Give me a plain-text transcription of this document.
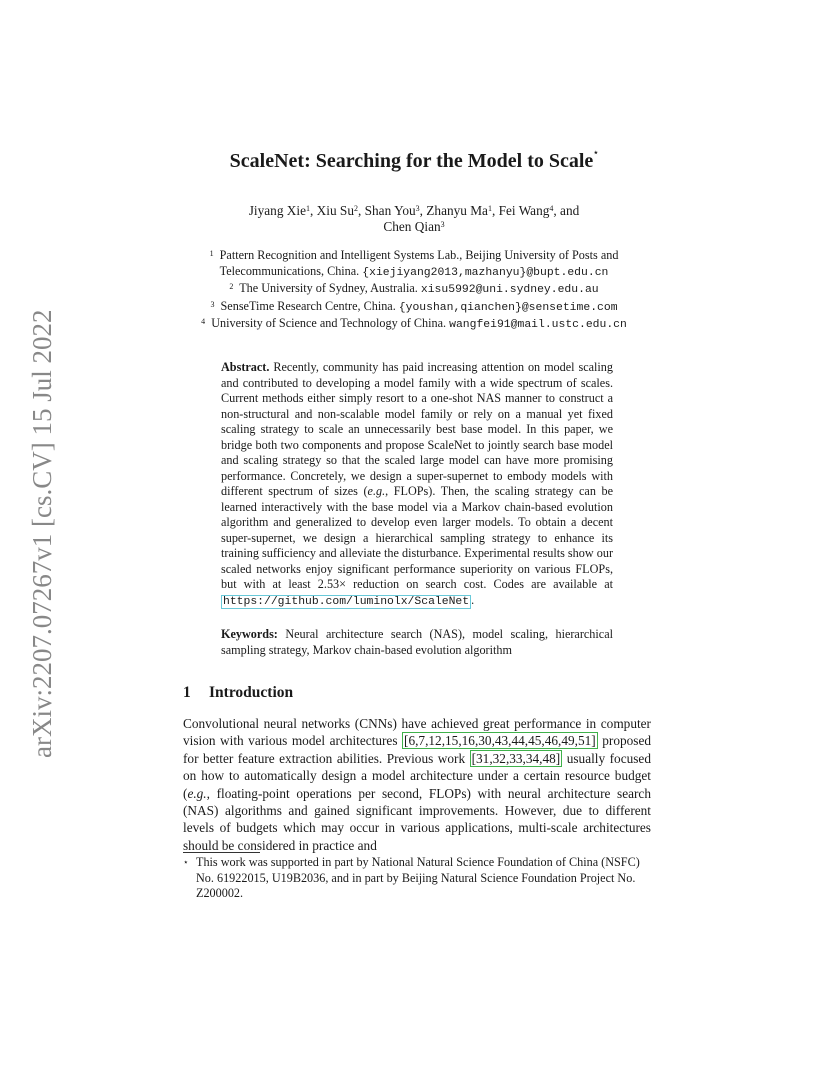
arXiv:2207.07267v1 [cs.CV] 15 Jul 2022
ScaleNet: Searching for the Model to Scale⋆
Jiyang Xie$^1$, Xiu Su$^2$, Shan You$^3$, Zhanyu Ma$^1$, Fei Wang$^4$, and
Chen Qian$^3$
$^1$ Pattern Recognition and Intelligent Systems Lab., Beijing University of Posts and
Telecommunications, China. {xiejiyang2013,mazhanyu}@bupt.edu.cn
$^2$ The University of Sydney, Australia. xisu5992@uni.sydney.edu.au
$^3$ SenseTime Research Centre, China. {youshan,qianchen}@sensetime.com
$^4$ University of Science and Technology of China. wangfei91@mail.ustc.edu.cn
Abstract. Recently, community has paid increasing attention on model scaling and contributed to developing a model family with a wide spectrum of scales. Current methods either simply resort to a one-shot NAS manner to construct a non-structural and non-scalable model family or rely on a manual yet fixed scaling strategy to scale an unnecessarily best base model. In this paper, we bridge both two components and propose ScaleNet to jointly search base model and scaling strategy so that the scaled large model can have more promising performance. Concretely, we design a super-supernet to embody models with different spectrum of sizes (e.g., FLOPs). Then, the scaling strategy can be learned interactively with the base model via a Markov chain-based evolution algorithm and generalized to develop even larger models. To obtain a decent super-supernet, we design a hierarchical sampling strategy to enhance its training sufficiency and alleviate the disturbance. Experimental results show our scaled networks enjoy significant performance superiority on various FLOPs, but with at least 2.53× reduction on search cost. Codes are available at https://github.com/luminolx/ScaleNet .
Keywords: Neural architecture search (NAS), model scaling, hierarchical sampling strategy, Markov chain-based evolution algorithm
1 Introduction
Convolutional neural networks (CNNs) have achieved great performance in computer vision with various model architectures [6,7,12,15,16,30,43,44,45,46,49,51] proposed for better feature extraction abilities. Previous work [31,32,33,34,48] usually focused on how to automatically design a model architecture under a certain resource budget (e.g., floating-point operations per second, FLOPs) with neural architecture search (NAS) algorithms and gained significant improvements. However, due to different levels of budgets which may occur in various applications, multi-scale architectures should be considered in practice and
⋆ This work was supported in part by National Natural Science Foundation of China (NSFC) No. 61922015, U19B2036, and in part by Beijing Natural Science Foundation Project No. Z200002.
